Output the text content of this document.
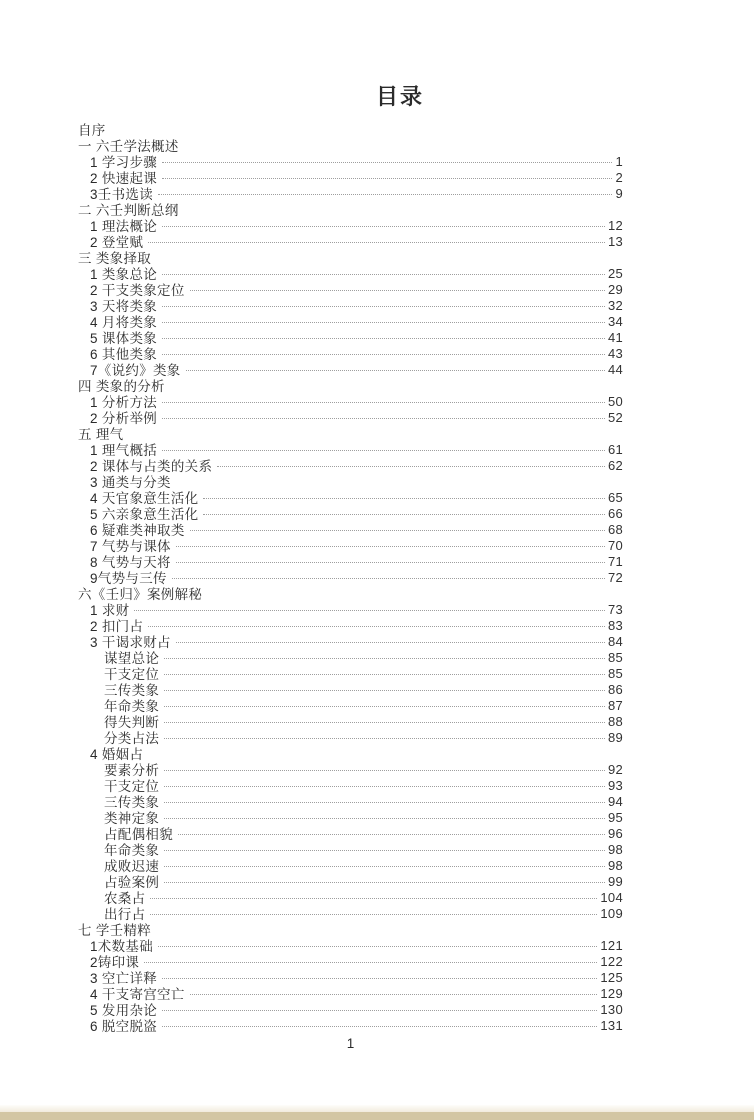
目录
自序
一 六壬学法概述
1 学习步骤	1
2 快速起课	2
3壬书选读	9
二 六壬判断总纲
1 理法概论	12
2 登堂赋	13
三 类象择取
1 类象总论	25
2 干支类象定位	29
3 天将类象	32
4 月将类象	34
5 课体类象	41
6 其他类象	43
7《说约》类象	44
四 类象的分析
1 分析方法	50
2 分析举例	52
五 理气
1 理气概括	61
2 课体与占类的关系	62
3 通类与分类
4 天官象意生活化	65
5 六亲象意生活化	66
6 疑难类神取类	68
7 气势与课体	70
8 气势与天将	71
9气势与三传	72
六《壬归》案例解秘
1 求财	73
2 扣门占	83
3 干谒求财占	84
谋望总论	85
干支定位	85
三传类象	86
年命类象	87
得失判断	88
分类占法	89
4 婚姻占
要素分析	92
干支定位	93
三传类象	94
类神定象	95
占配偶相貌	96
年命类象	98
成败迟速	98
占验案例	99
农桑占	104
出行占	109
七 学壬精粹
1术数基础	121
2铸印课	122
3 空亡详释	125
4 干支寄宫空亡	129
5 发用杂论	130
6 脱空脱盗	131
1
